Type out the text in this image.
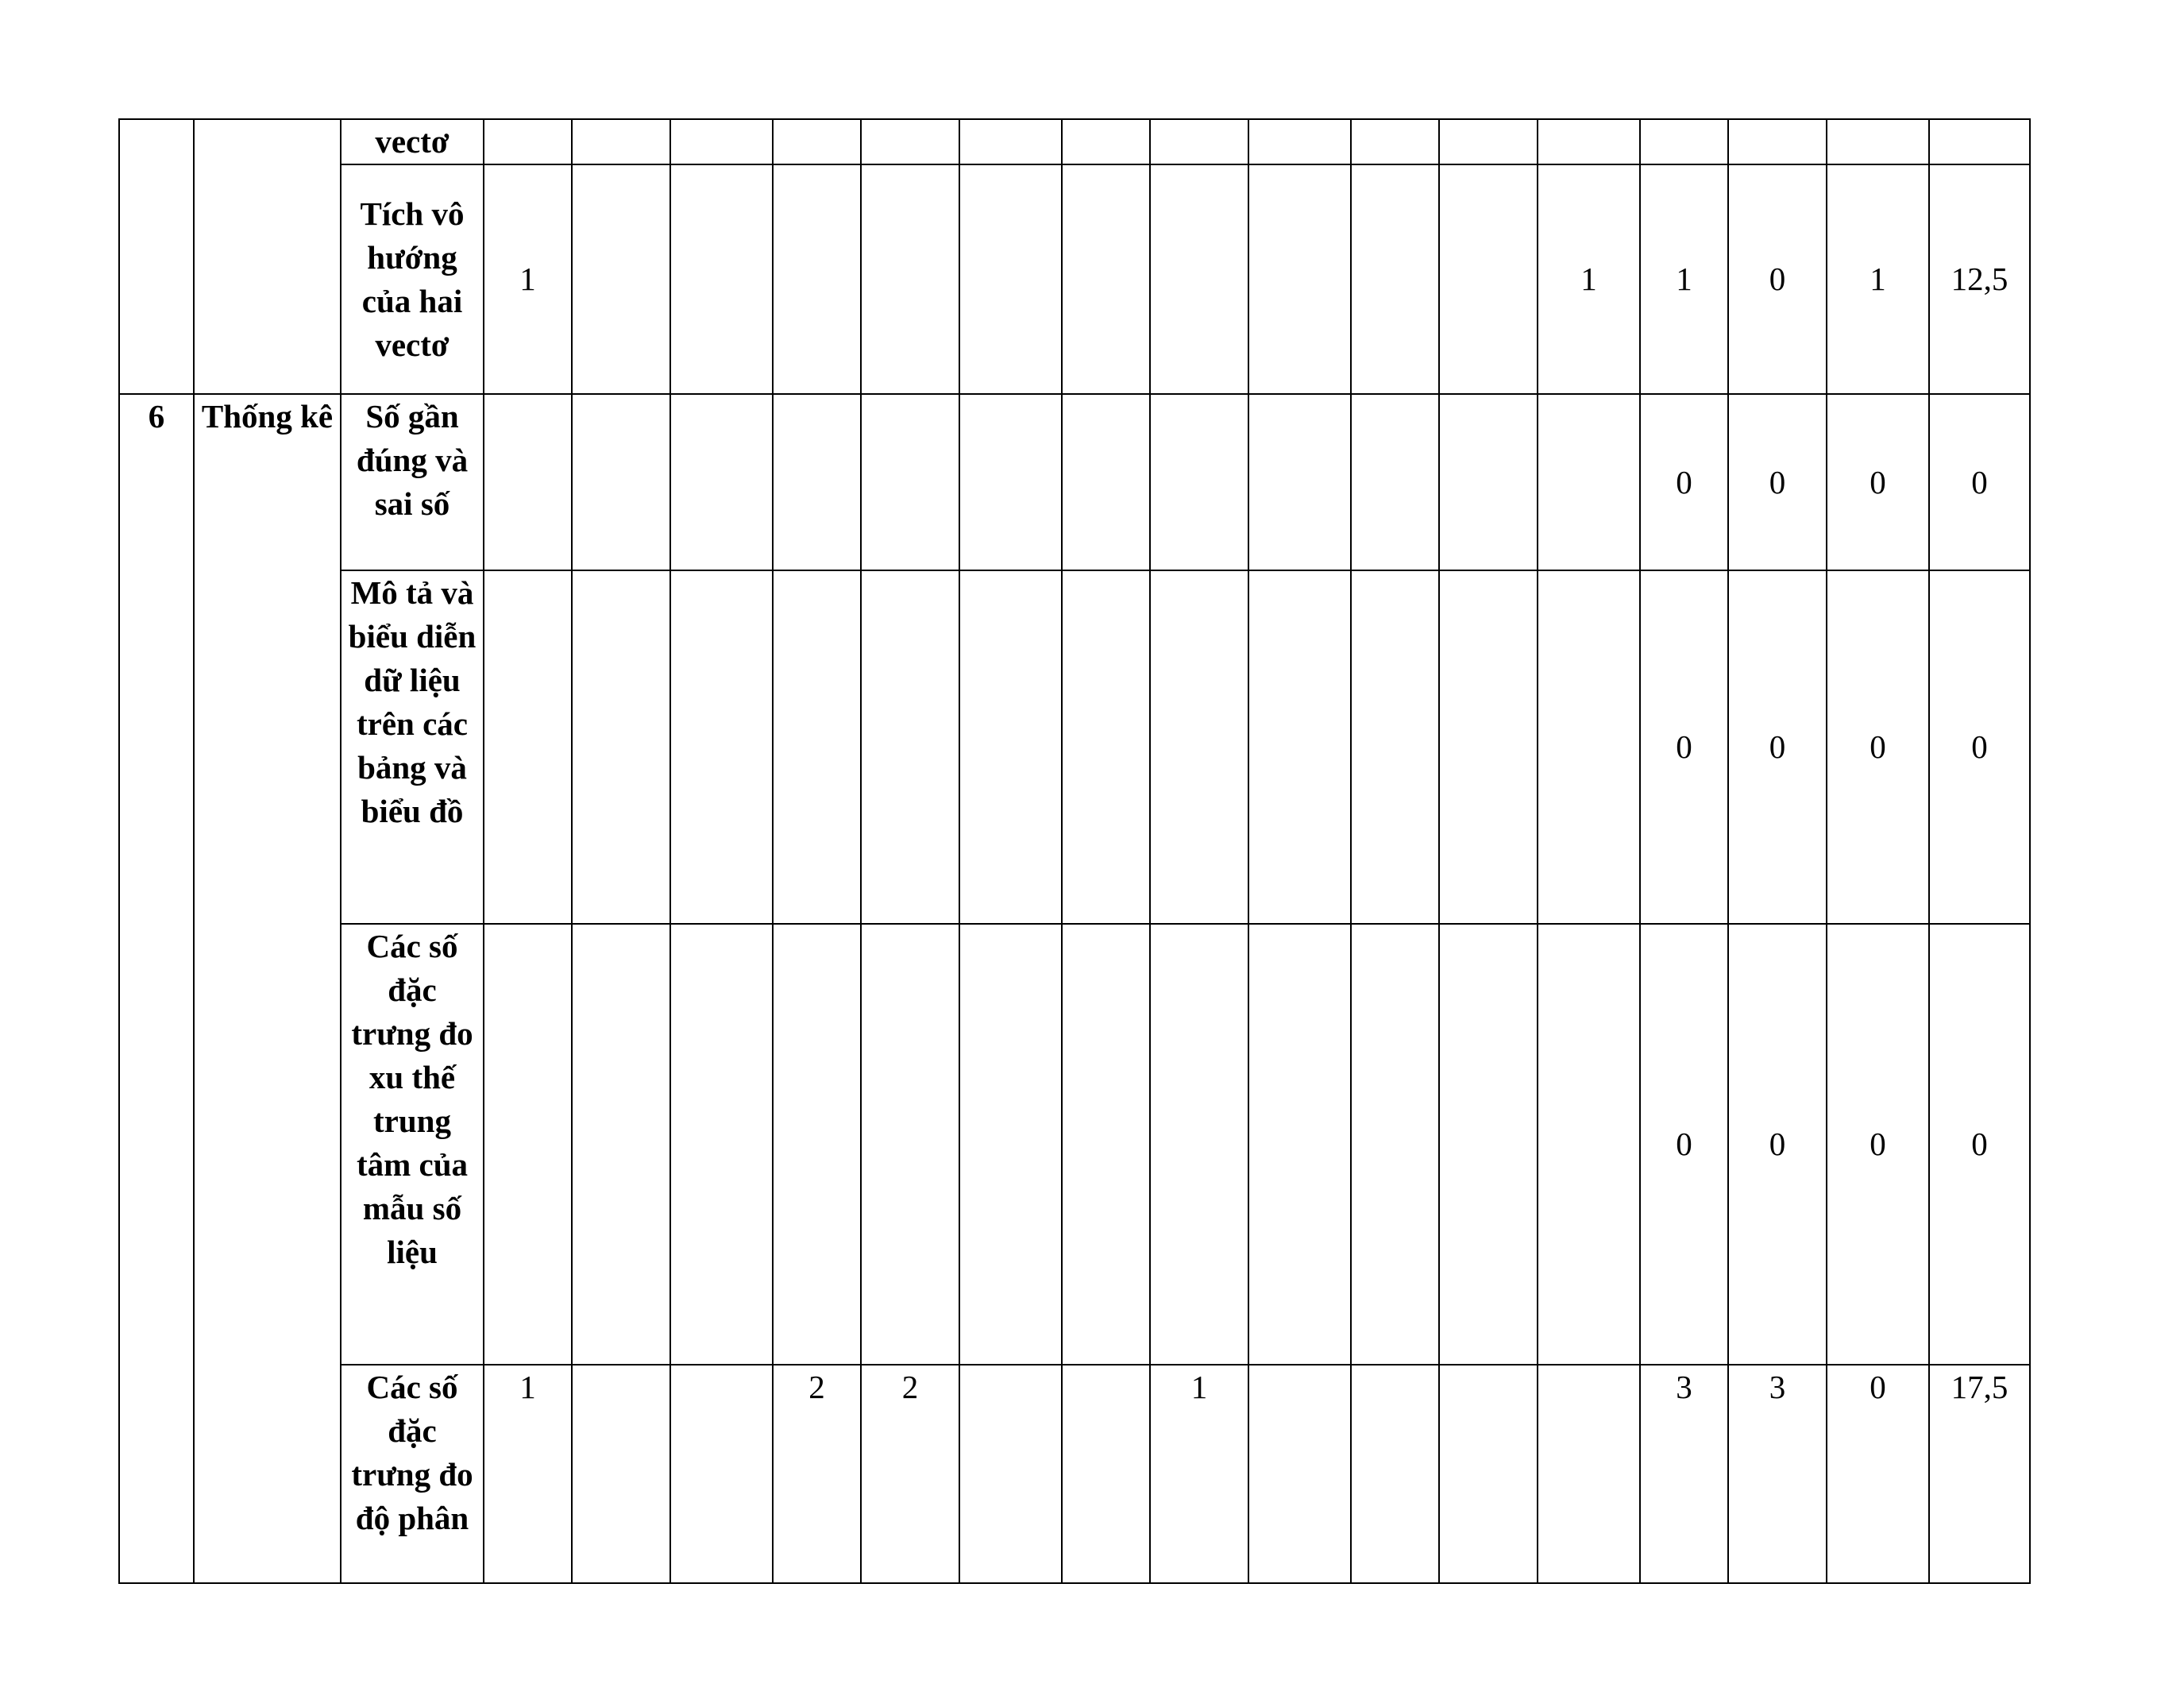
		vectơ																
		Tích vô hướng của hai vectơ	1											1	1	0	1	12,5
6	Thống kê	Số gần đúng và sai số													0	0	0	0
		Mô tả và biểu diễn dữ liệu trên các bảng và biểu đồ													0	0	0	0
		Các số đặc trưng đo xu thế trung tâm của mẫu số liệu													0	0	0	0
		Các số đặc trưng đo độ phân	1			2	2			1					3	3	0	17,5
